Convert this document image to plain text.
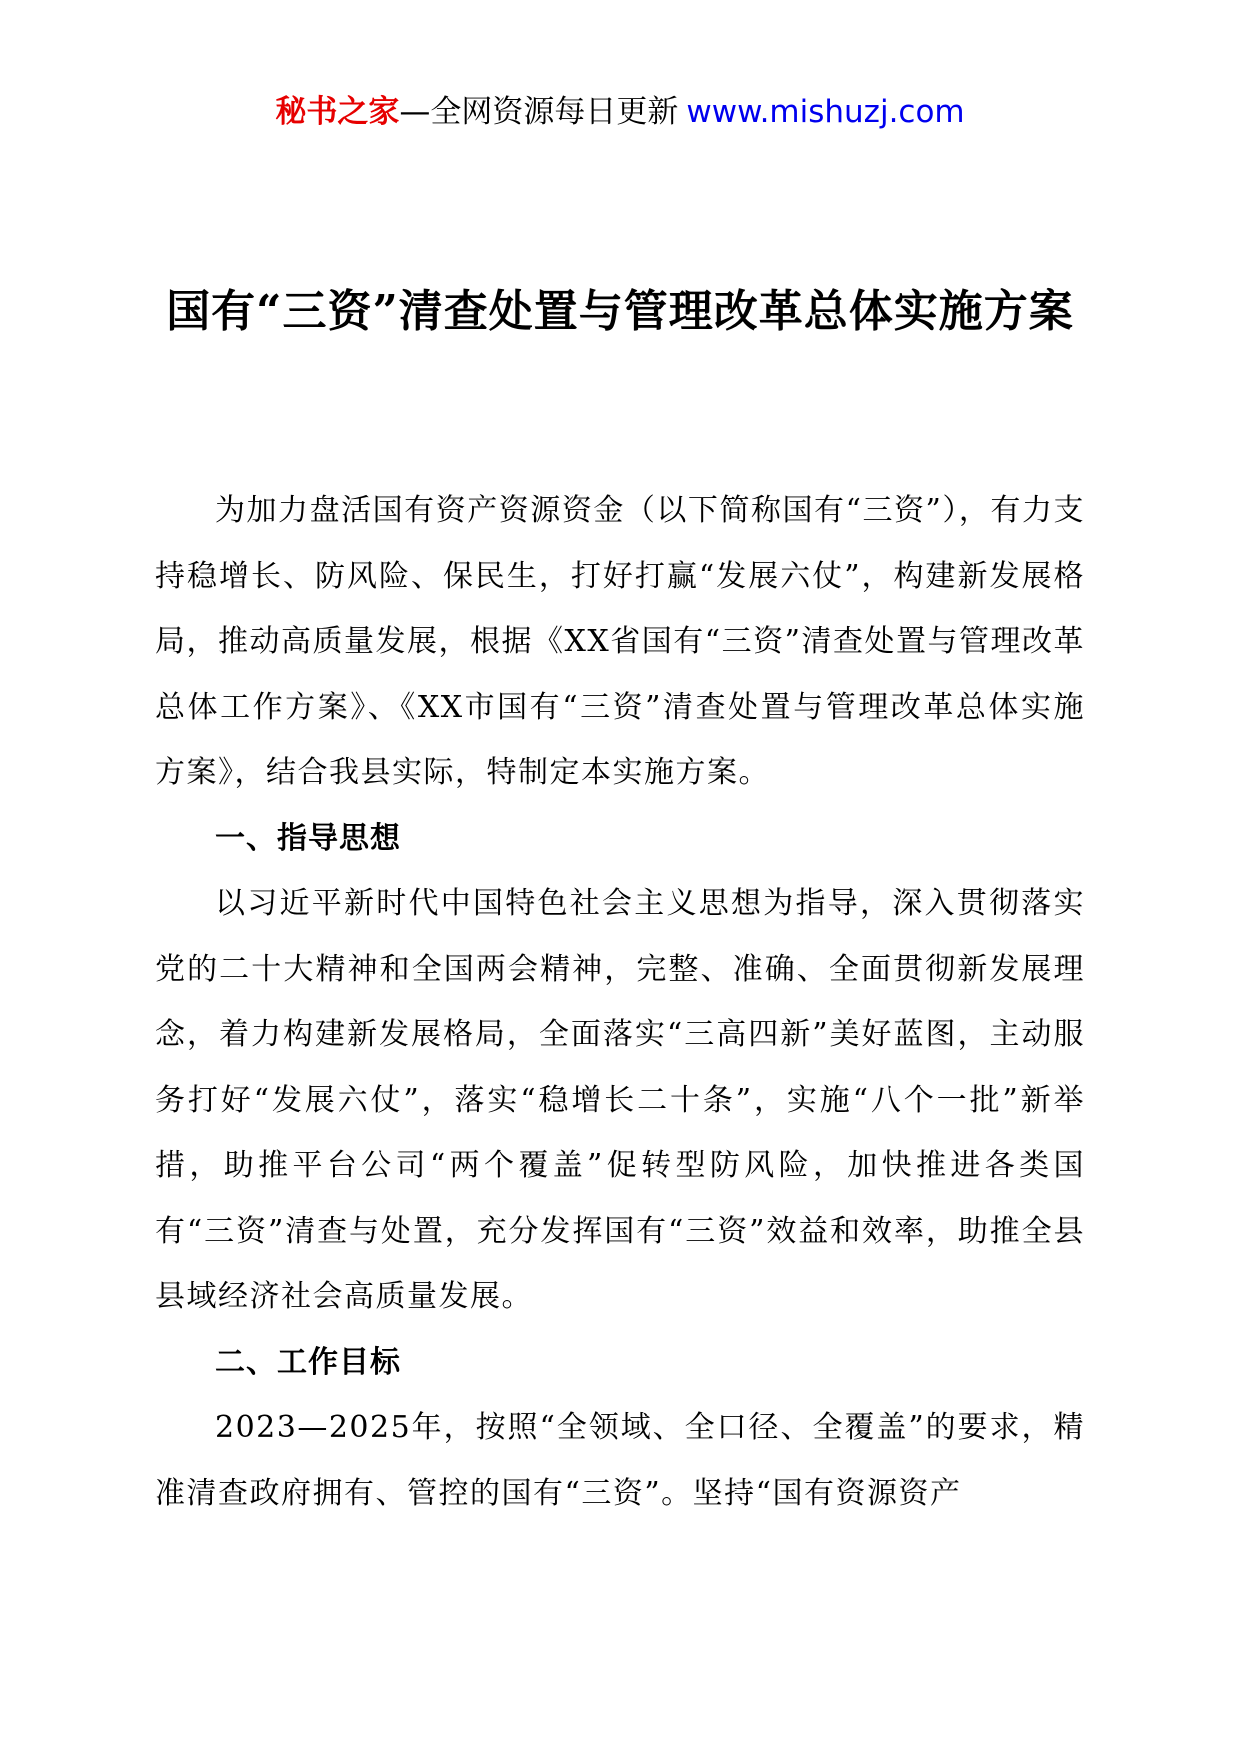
秘书之家—全网资源每日更新 www.mishuzj.com
国有“三资”清查处置与管理改革总体实施方案

为加力盘活国有资产资源资金（以下简称国有“三资”），有力支持稳增长、防风险、保民生，打好打赢“发展六仗”，构建新发展格局，推动高质量发展，根据《XX省国有“三资”清查处置与管理改革总体工作方案》、《XX市国有“三资”清查处置与管理改革总体实施方案》，结合我县实际，特制定本实施方案。

一、指导思想

以习近平新时代中国特色社会主义思想为指导，深入贯彻落实党的二十大精神和全国两会精神，完整、准确、全面贯彻新发展理念，着力构建新发展格局，全面落实“三高四新”美好蓝图，主动服务打好“发展六仗”，落实“稳增长二十条”，实施“八个一批”新举措，助推平台公司“两个覆盖”促转型防风险，加快推进各类国有“三资”清查与处置，充分发挥国有“三资”效益和效率，助推全县县域经济社会高质量发展。

二、工作目标

2023—2025年，按照“全领域、全口径、全覆盖”的要求，精准清查政府拥有、管控的国有“三资”。坚持“国有资源资产
